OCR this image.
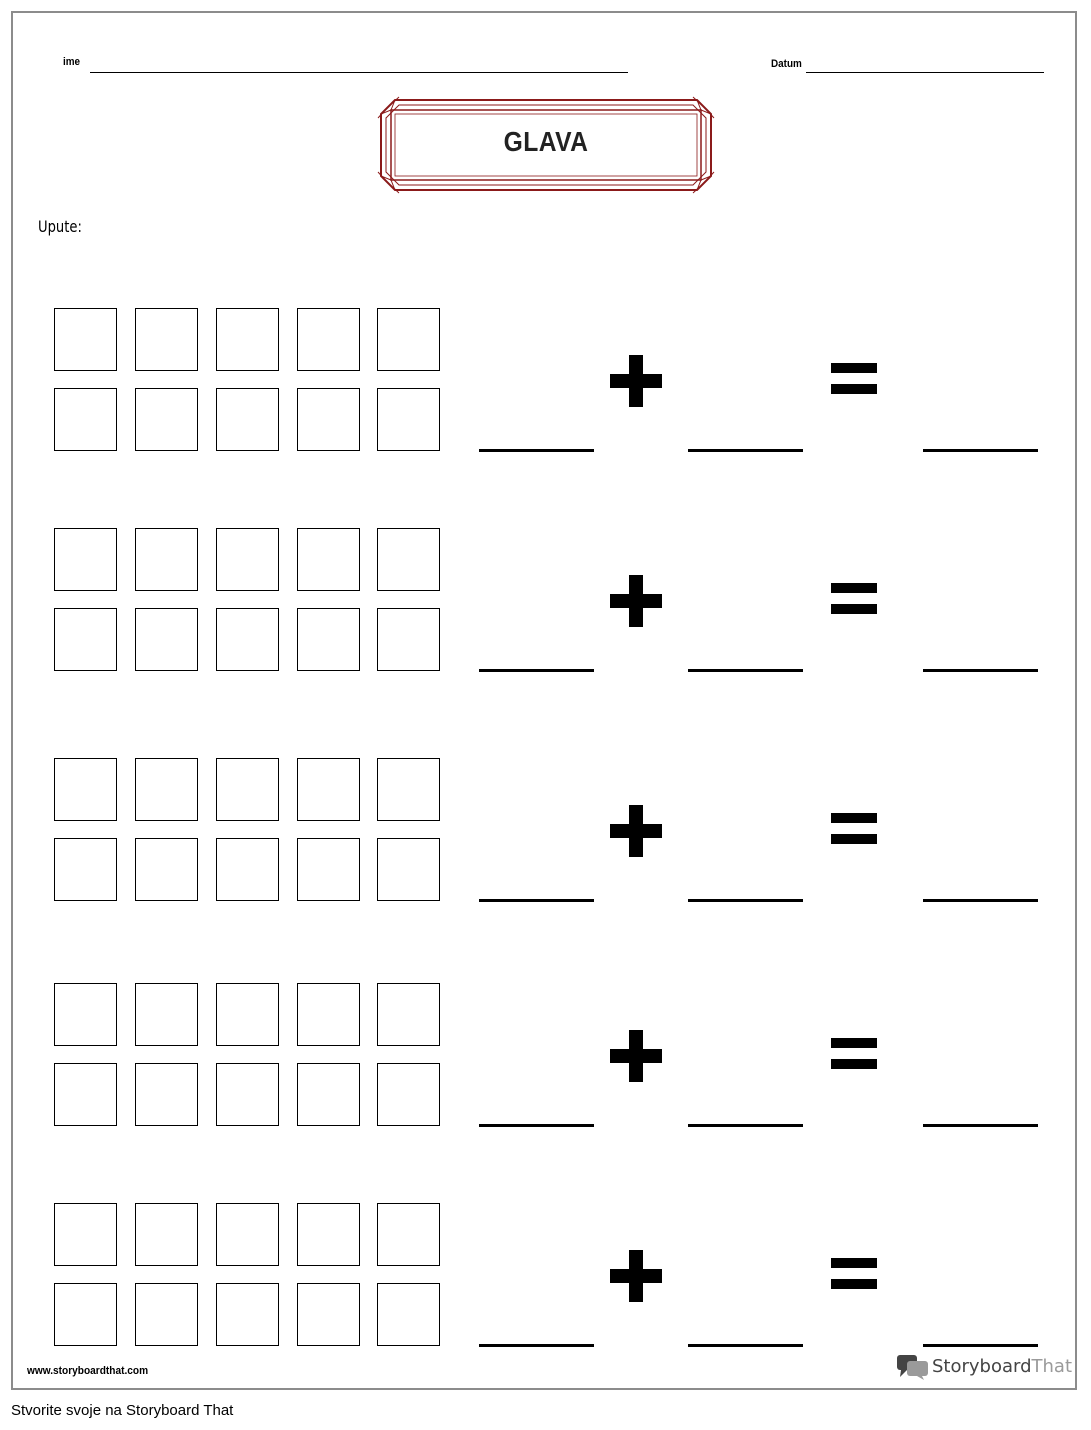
ime	Datum
GLAVA
Upute:
www.storyboardthat.com	StoryboardThat
Stvorite svoje na Storyboard That
